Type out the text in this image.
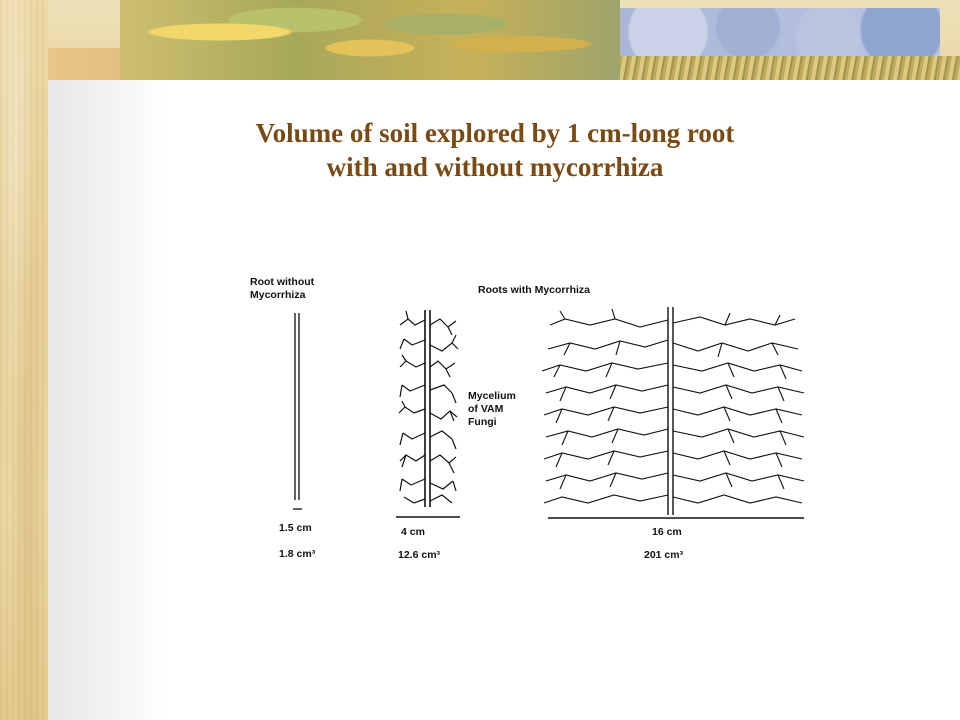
Volume of soil explored by 1 cm-long root
with and without mycorrhiza
Root without
Mycorrhiza
1.5 cm
1.8 cm³
Roots with Mycorrhiza
4 cm
12.6 cm³
Mycelium
of VAM
Fungi
16 cm
201 cm³
